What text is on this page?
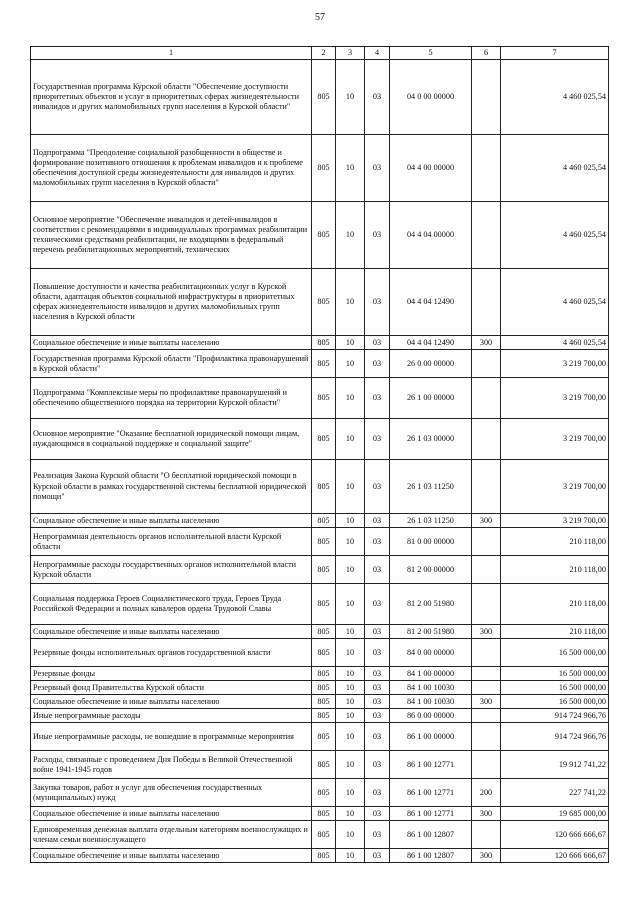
57
1	2	3	4	5	6	7
Государственная программа Курской области "Обеспечение доступности приоритетных объектов и услуг в приоритетных сферах жизнедеятельности инвалидов и других маломобильных групп населения в Курской области"	805	10	03	04 0 00 00000		4 460 025,54
Подпрограмма "Преодоление социальной разобщенности в обществе и формирование позитивного отношения к проблемам инвалидов и к проблеме обеспечения доступной среды жизнедеятельности для инвалидов и других маломобильных групп населения в Курской области"	805	10	03	04 4 00 00000		4 460 025,54
Основное мероприятие "Обеспечение инвалидов и детей-инвалидов в соответствии с рекомендациями в индивидуальных программах реабилитации техническими средствами реабилитации, не входящими в федеральный перечень реабилитационных мероприятий, технических	805	10	03	04 4 04 00000		4 460 025,54
Повышение доступности и качества реабилитационных услуг в Курской области, адаптация объектов социальной инфраструктуры в приоритетных сферах жизнедеятельности инвалидов и других маломобильных групп населения в Курской области	805	10	03	04 4 04 12490		4 460 025,54
Социальное обеспечение и иные выплаты населению	805	10	03	04 4 04 12490	300	4 460 025,54
Государственная программа Курской области "Профилактика правонарушений в Курской области"	805	10	03	26 0 00 00000		3 219 700,00
Подпрограмма "Комплексные меры по профилактике правонарушений и обеспечению общественного порядка на территории Курской области"	805	10	03	26 1 00 00000		3 219 700,00
Основное мероприятие "Оказание бесплатной юридической помощи лицам, нуждающимся в социальной поддержке и социальной защите"	805	10	03	26 1 03 00000		3 219 700,00
Реализация Закона Курской области "О бесплатной юридической помощи в Курской области в рамках государственной системы бесплатной юридической помощи"	805	10	03	26 1 03 11250		3 219 700,00
Социальное обеспечение и иные выплаты населению	805	10	03	26 1 03 11250	300	3 219 700,00
Непрограммная деятельность органов исполнительной власти Курской области	805	10	03	81 0 00 00000		210 118,00
Непрограммные расходы государственных органов исполнительной власти Курской области	805	10	03	81 2 00 00000		210 118,00
Социальная поддержка Героев Социалистического труда, Героев Труда Российской Федерации и полных кавалеров ордена Трудовой Славы	805	10	03	81 2 00 51980		210 118,00
Социальное обеспечение и иные выплаты населению	805	10	03	81 2 00 51980	300	210 118,00
Резервные фонды исполнительных органов государственной власти	805	10	03	84 0 00 00000		16 500 000,00
Резервные фонды	805	10	03	84 1 00 00000		16 500 000,00
Резервный фонд Правительства Курской области	805	10	03	84 1 00 10030		16 500 000,00
Социальное обеспечение и иные выплаты населению	805	10	03	84 1 00 10030	300	16 500 000,00
Иные непрограммные расходы	805	10	03	86 0 00 00000		914 724 966,76
Иные непрограммные расходы, не вошедшие в программные мероприятия	805	10	03	86 1 00 00000		914 724 966,76
Расходы, связанные с проведением Дня Победы в Великой Отечественной войне 1941-1945 годов	805	10	03	86 1 00 12771		19 912 741,22
Закупка товаров, работ и услуг для обеспечения государственных (муниципальных) нужд	805	10	03	86 1 00 12771	200	227 741,22
Социальное обеспечение и иные выплаты населению	805	10	03	86 1 00 12771	300	19 685 000,00
Единовременная денежная выплата отдельным категориям военнослужащих и членам семьи военнослужащего	805	10	03	86 1 00 12807		120 666 666,67
Социальное обеспечение и иные выплаты населению	805	10	03	86 1 00 12807	300	120 666 666,67
